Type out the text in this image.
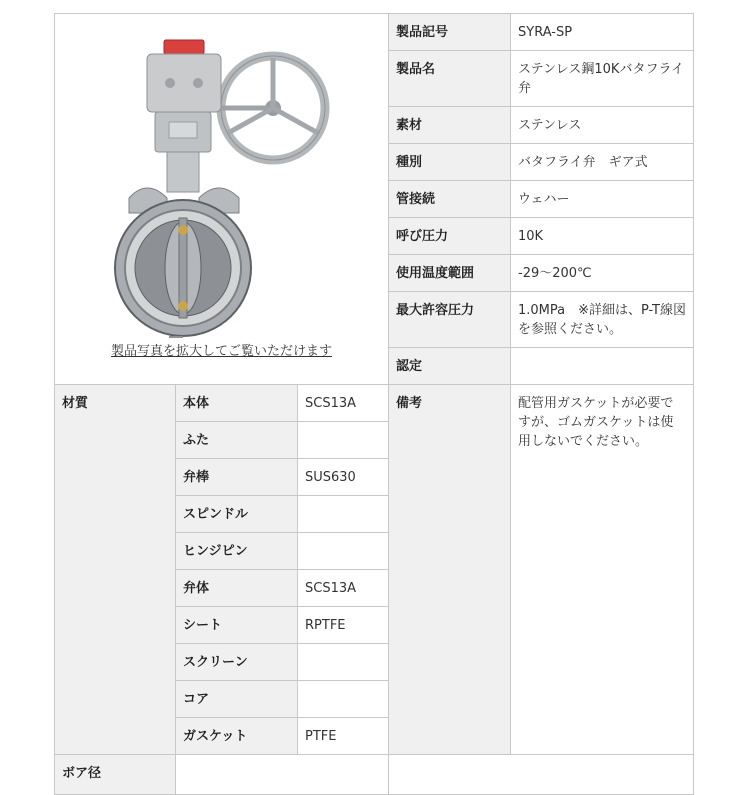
製品写真を拡大してご覧いただけます			製品記号	SYRA-SP
			製品名	ステンレス鋼10Kバタフライ弁
			素材	ステンレス
			種別	バタフライ弁　ギア式
			管接続	ウェハー
			呼び圧力	10K
			使用温度範囲	-29～200℃
			最大許容圧力	1.0MPa　※詳細は、P-T線図を参照ください。
			認定	
材質	本体	SCS13A	備考	配管用ガスケットが必要ですが、ゴムガスケットは使用しないでください。

	ふた			
	弁棒	SUS630		
	スピンドル			
	ヒンジピン			
	弁体	SCS13A		
	シート	RPTFE		
	スクリーン			
	コア			
	ガスケット	PTFE		
ボア径				
